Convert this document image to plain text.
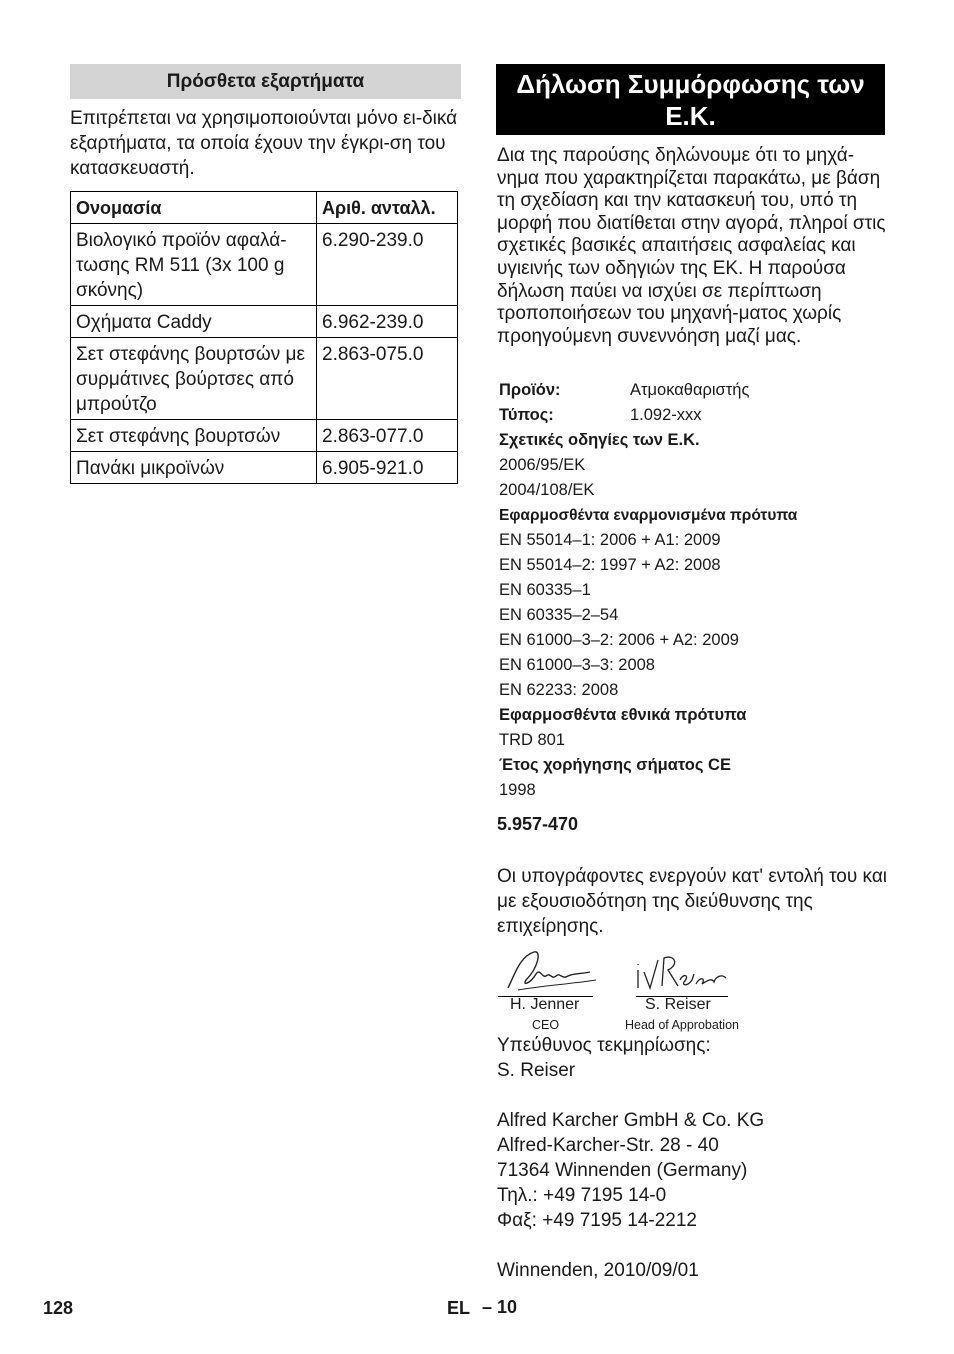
Πρόσθετα εξαρτήματα
Επιτρέπεται να χρησιμοποιούνται μόνο ει-δικά εξαρτήματα, τα οποία έχουν την έγκρι-ση του κατασκευαστή.
Ονομασία	Αριθ. ανταλλ.
Βιολογικό προϊόν αφαλά-τωσης RM 511 (3x 100 g σκόνης)	6.290-239.0
Οχήματα Caddy	6.962-239.0
Σετ στεφάνης βουρτσών με συρμάτινες βούρτσες από μπρούτζο	2.863-075.0
Σετ στεφάνης βουρτσών	2.863-077.0
Πανάκι μικροϊνών	6.905-921.0
Δήλωση Συμμόρφωσης των Ε.Κ.
Δια της παρούσης δηλώνουμε ότι το μηχά-νημα που χαρακτηρίζεται παρακάτω, με βάση τη σχεδίαση και την κατασκευή του, υπό τη μορφή που διατίθεται στην αγορά, πληροί στις σχετικές βασικές απαιτήσεις ασφαλείας και υγιεινής των οδηγιών της ΕΚ. Η παρούσα δήλωση παύει να ισχύει σε περίπτωση τροποποιήσεων του μηχανή-ματος χωρίς προηγούμενη συνεννόηση μαζί μας.
Προϊόν:	Ατμοκαθαριστής
Τύπος:	1.092-xxx
Σχετικές οδηγίες των Ε.Κ.
2006/95/EK
2004/108/EK
Εφαρμοσθέντα εναρμονισμένα πρότυπα
EN 55014–1: 2006 + A1: 2009
EN 55014–2: 1997 + A2: 2008
EN 60335–1
EN 60335–2–54
EN 61000–3–2: 2006 + A2: 2009
EN 61000–3–3: 2008
EN 62233: 2008
Εφαρμοσθέντα εθνικά πρότυπα
TRD 801
Έτος χορήγησης σήματος CE
1998
5.957-470
Οι υπογράφοντες ενεργούν κατ' εντολή του και με εξουσιοδότηση της διεύθυνσης της επιχείρησης.
H. Jenner	S. Reiser
CEO	Head of Approbation
Υπεύθυνος τεκμηρίωσης:
S. Reiser
Alfred Karcher GmbH & Co. KG
Alfred-Karcher-Str. 28 - 40
71364 Winnenden (Germany)
Τηλ.: +49 7195 14-0
Φαξ: +49 7195 14-2212
Winnenden, 2010/09/01
128	EL – 10
